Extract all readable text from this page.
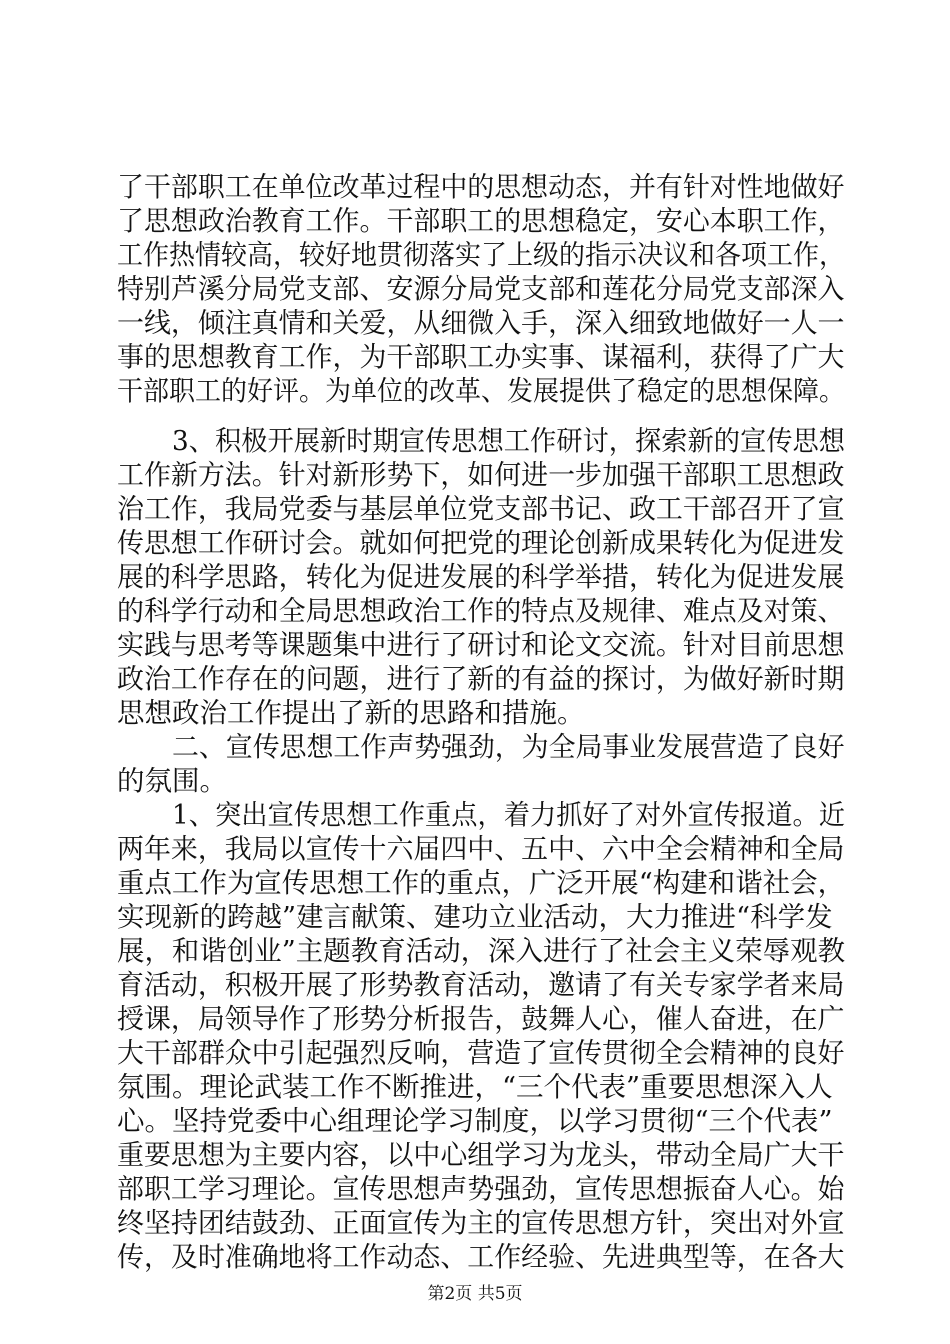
了干部职工在单位改革过程中的思想动态，并有针对性地做好
了思想政治教育工作。干部职工的思想稳定，安心本职工作，
工作热情较高，较好地贯彻落实了上级的指示决议和各项工作，
特别芦溪分局党支部、安源分局党支部和莲花分局党支部深入
一线，倾注真情和关爱，从细微入手，深入细致地做好一人一
事的思想教育工作，为干部职工办实事、谋福利，获得了广大
干部职工的好评。为单位的改革、发展提供了稳定的思想保障。
3、积极开展新时期宣传思想工作研讨，探索新的宣传思想
工作新方法。针对新形势下，如何进一步加强干部职工思想政
治工作，我局党委与基层单位党支部书记、政工干部召开了宣
传思想工作研讨会。就如何把党的理论创新成果转化为促进发
展的科学思路，转化为促进发展的科学举措，转化为促进发展
的科学行动和全局思想政治工作的特点及规律、难点及对策、
实践与思考等课题集中进行了研讨和论文交流。针对目前思想
政治工作存在的问题，进行了新的有益的探讨，为做好新时期
思想政治工作提出了新的思路和措施。
二、宣传思想工作声势强劲，为全局事业发展营造了良好
的氛围。
1、突出宣传思想工作重点，着力抓好了对外宣传报道。近
两年来，我局以宣传十六届四中、五中、六中全会精神和全局
重点工作为宣传思想工作的重点，广泛开展“构建和谐社会，
实现新的跨越”建言献策、建功立业活动，大力推进“科学发
展，和谐创业”主题教育活动，深入进行了社会主义荣辱观教
育活动，积极开展了形势教育活动，邀请了有关专家学者来局
授课，局领导作了形势分析报告，鼓舞人心，催人奋进，在广
大干部群众中引起强烈反响，营造了宣传贯彻全会精神的良好
氛围。理论武装工作不断推进，“三个代表”重要思想深入人
心。坚持党委中心组理论学习制度，以学习贯彻“三个代表”
重要思想为主要内容，以中心组学习为龙头，带动全局广大干
部职工学习理论。宣传思想声势强劲，宣传思想振奋人心。始
终坚持团结鼓劲、正面宣传为主的宣传思想方针，突出对外宣
传，及时准确地将工作动态、工作经验、先进典型等，在各大
第2页 共5页
